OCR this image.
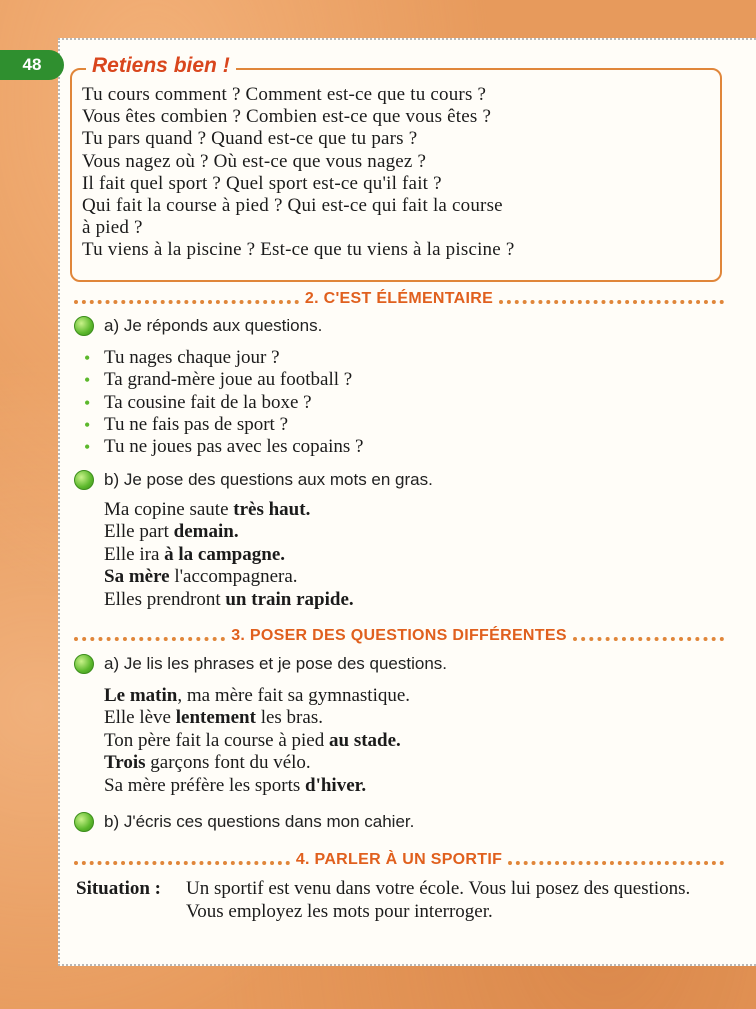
48	Retiens bien !
Tu cours comment ? Comment est-ce que tu cours ?
Vous êtes combien ? Combien est-ce que vous êtes ?
Tu pars quand ? Quand est-ce que tu pars ?
Vous nagez où ? Où est-ce que vous nagez ?
Il fait quel sport ? Quel sport est-ce qu'il fait ?
Qui fait la course à pied ? Qui est-ce qui fait la course
à pied ?
Tu viens à la piscine ? Est-ce que tu viens à la piscine ?
2. C'EST ÉLÉMENTAIRE
a) Je réponds aux questions.
• Tu nages chaque jour ?
• Ta grand-mère joue au football ?
• Ta cousine fait de la boxe ?
• Tu ne fais pas de sport ?
• Tu ne joues pas avec les copains ?
b) Je pose des questions aux mots en gras.
Ma copine saute très haut.
Elle part demain.
Elle ira à la campagne.
Sa mère l'accompagnera.
Elles prendront un train rapide.
3. POSER DES QUESTIONS DIFFÉRENTES
a) Je lis les phrases et je pose des questions.
Le matin, ma mère fait sa gymnastique.
Elle lève lentement les bras.
Ton père fait la course à pied au stade.
Trois garçons font du vélo.
Sa mère préfère les sports d'hiver.
b) J'écris ces questions dans mon cahier.
4. PARLER À UN SPORTIF
Situation :	Un sportif est venu dans votre école. Vous lui posez des questions. Vous employez les mots pour interroger.
